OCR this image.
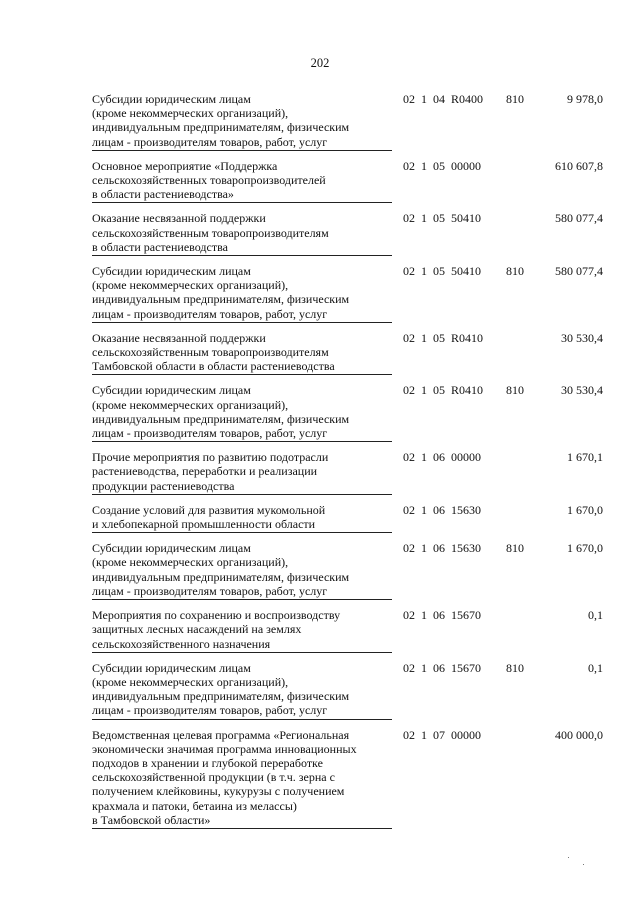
202
Субсидии юридическим лицам
(кроме некоммерческих организаций),
индивидуальным предпринимателям, физическим
лицам - производителям товаров, работ, услуг
02  1  04  R0400 810	9 978,0
Основное мероприятие «Поддержка
сельскохозяйственных товаропроизводителей
в области растениеводства»
02  1  05  00000	610 607,8
Оказание несвязанной поддержки
сельскохозяйственным товаропроизводителям
в области растениеводства
02  1  05  50410	580 077,4
Субсидии юридическим лицам
(кроме некоммерческих организаций),
индивидуальным предпринимателям, физическим
лицам - производителям товаров, работ, услуг
02  1  05  50410 810	580 077,4
Оказание несвязанной поддержки
сельскохозяйственным товаропроизводителям
Тамбовской области в области растениеводства
02  1  05  R0410	30 530,4
Субсидии юридическим лицам
(кроме некоммерческих организаций),
индивидуальным предпринимателям, физическим
лицам - производителям товаров, работ, услуг
02  1  05  R0410 810	30 530,4
Прочие мероприятия по развитию подотрасли
растениеводства, переработки и реализации
продукции растениеводства
02  1  06  00000	1 670,1
Создание условий для развития мукомольной
и хлебопекарной промышленности области
02  1  06  15630	1 670,0
Субсидии юридическим лицам
(кроме некоммерческих организаций),
индивидуальным предпринимателям, физическим
лицам - производителям товаров, работ, услуг
02  1  06  15630 810	1 670,0
Мероприятия по сохранению и воспроизводству
защитных лесных насаждений на землях
сельскохозяйственного назначения
02  1  06  15670	0,1
Субсидии юридическим лицам
(кроме некоммерческих организаций),
индивидуальным предпринимателям, физическим
лицам - производителям товаров, работ, услуг
02  1  06  15670 810	0,1
Ведомственная целевая программа «Региональная
экономически значимая программа инновационных
подходов в хранении и глубокой переработке
сельскохозяйственной продукции (в т.ч. зерна с
получением клейковины, кукурузы с получением
крахмала и патоки, бетаина из мелассы)
в Тамбовской области»
02  1  07  00000	400 000,0
